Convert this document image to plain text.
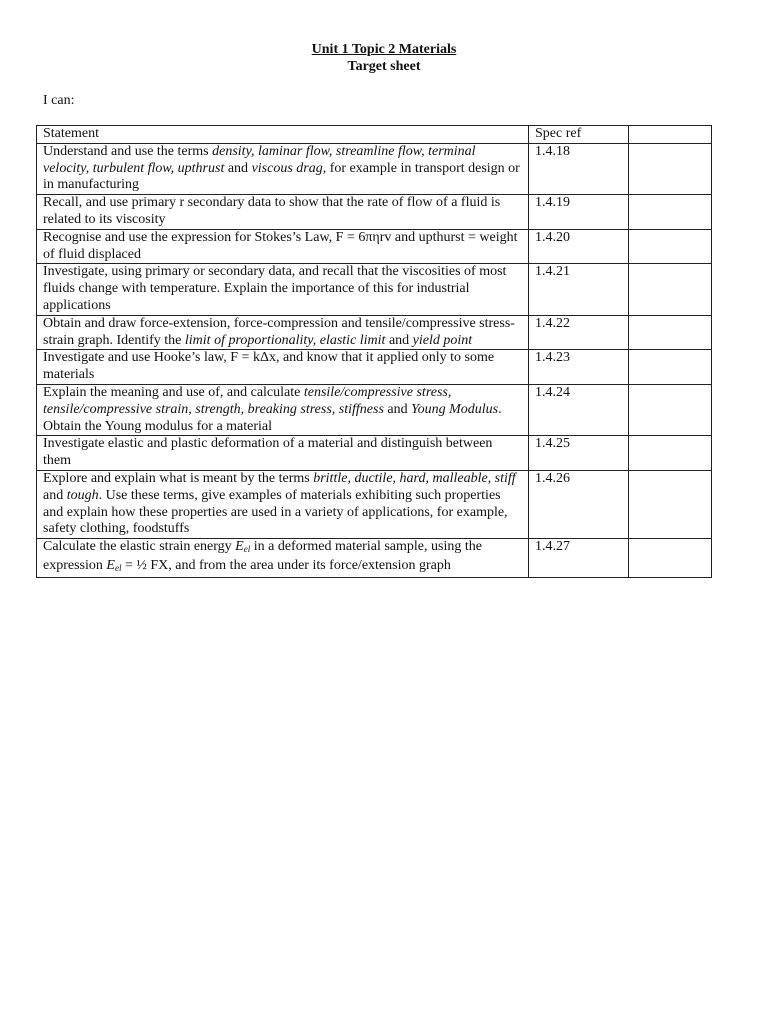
Unit 1 Topic 2 Materials
Target sheet
I can:
Statement	Spec ref	
Understand and use the terms density, laminar flow, streamline flow, terminal velocity, turbulent flow, upthrust and viscous drag, for example in transport design or in manufacturing	1.4.18	
Recall, and use primary r secondary data to show that the rate of flow of a fluid is related to its viscosity	1.4.19	
Recognise and use the expression for Stokes’s Law, F = 6πηrv and upthurst = weight of fluid displaced	1.4.20	
Investigate, using primary or secondary data, and recall that the viscosities of most fluids change with temperature. Explain the importance of this for industrial applications	1.4.21	
Obtain and draw force-extension, force-compression and tensile/compressive stress-strain graph. Identify the limit of proportionality, elastic limit and yield point	1.4.22	
Investigate and use Hooke’s law, F = kΔx, and know that it applied only to some materials	1.4.23	
Explain the meaning and use of, and calculate tensile/compressive stress, tensile/compressive strain, strength, breaking stress, stiffness and Young Modulus. Obtain the Young modulus for a material	1.4.24	
Investigate elastic and plastic deformation of a material and distinguish between them	1.4.25	
Explore and explain what is meant by the terms brittle, ductile, hard, malleable, stiff and tough. Use these terms, give examples of materials exhibiting such properties and explain how these properties are used in a variety of applications, for example, safety clothing, foodstuffs	1.4.26	
Calculate the elastic strain energy $E_{el}$ in a deformed material sample, using the expression $E_{el}$ = ½ FX, and from the area under its force/extension graph	1.4.27	
